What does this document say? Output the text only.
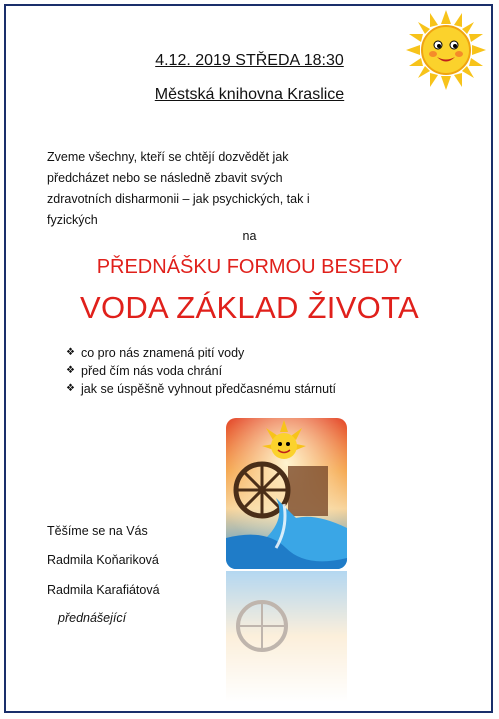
4.12. 2019 STŘEDA 18:30
Městská knihovna Kraslice
Zveme všechny, kteří se chtějí dozvědět jak
předcházet nebo se následně zbavit svých
zdravotních disharmonii – jak psychických, tak i
fyzických
na
PŘEDNÁŠKU FORMOU BESEDY
VODA ZÁKLAD ŽIVOTA
❖ co pro nás znamená pití vody
❖ před čím nás voda chrání
❖ jak se úspěšně vyhnout předčasnému stárnutí
Těšíme se na Vás
Radmila Koňariková
Radmila Karafiátová
přednášející
